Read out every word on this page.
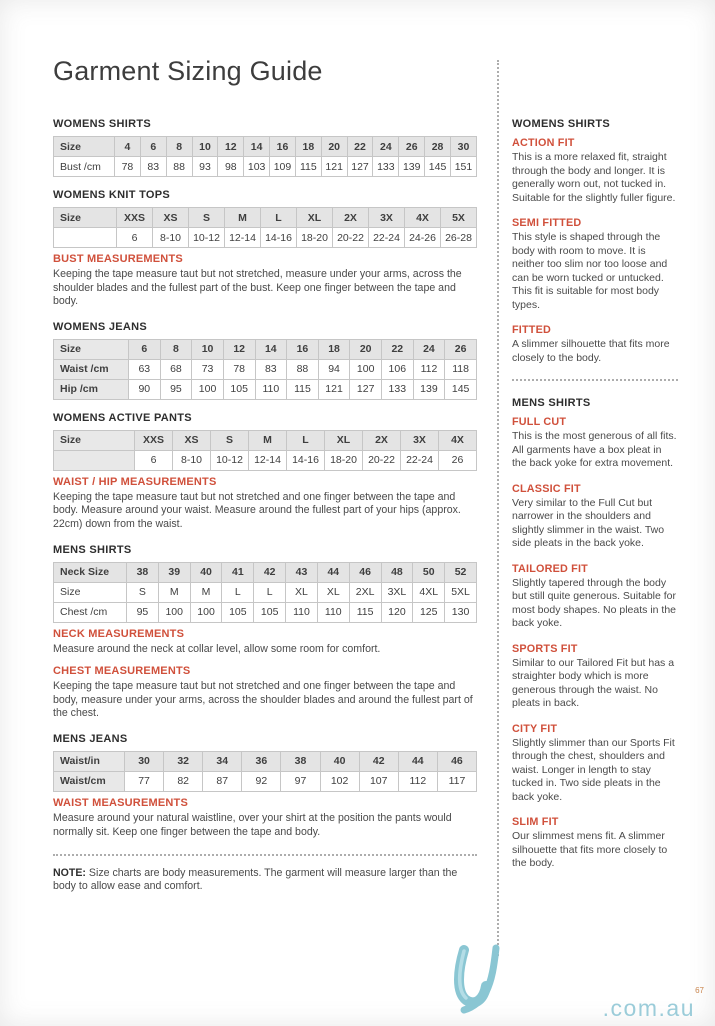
Garment Sizing Guide
WOMENS SHIRTS
Size	4	6	8	10	12	14	16	18	20	22	24	26	28	30
Bust /cm	78	83	88	93	98	103	109	115	121	127	133	139	145	151
WOMENS KNIT TOPS
Size	XXS	XS	S	M	L	XL	2X	3X	4X	5X
	6	8-10	10-12	12-14	14-16	18-20	20-22	22-24	24-26	26-28
BUST MEASUREMENTS

Keeping the tape measure taut but not stretched, measure under your arms, across the shoulder blades and the fullest part of the bust. Keep one finger between the tape and body.

WOMENS JEANS
Size	6	8	10	12	14	16	18	20	22	24	26
Waist /cm	63	68	73	78	83	88	94	100	106	112	118
Hip /cm	90	95	100	105	110	115	121	127	133	139	145
WOMENS ACTIVE PANTS
Size	XXS	XS	S	M	L	XL	2X	3X	4X
	6	8-10	10-12	12-14	14-16	18-20	20-22	22-24	26
WAIST / HIP MEASUREMENTS

Keeping the tape measure taut but not stretched and one finger between the tape and body. Measure around your waist. Measure around the fullest part of your hips (approx. 22cm) down from the waist.

MENS SHIRTS
Neck Size	38	39	40	41	42	43	44	46	48	50	52
Size	S	M	M	L	L	XL	XL	2XL	3XL	4XL	5XL
Chest /cm	95	100	100	105	105	110	110	115	120	125	130
NECK MEASUREMENTS

Measure around the neck at collar level, allow some room for comfort.

CHEST MEASUREMENTS

Keeping the tape measure taut but not stretched and one finger between the tape and body, measure under your arms, across the shoulder blades and around the fullest part of the chest.

MENS JEANS
Waist/in	30	32	34	36	38	40	42	44	46
Waist/cm	77	82	87	92	97	102	107	112	117
WAIST MEASUREMENTS

Measure around your natural waistline, over your shirt at the position the pants would normally sit. Keep one finger between the tape and body.

NOTE: Size charts are body measurements. The garment will measure larger than the body to allow ease and comfort.

WOMENS SHIRTS
ACTION FIT

This is a more relaxed fit, straight through the body and longer. It is generally worn out, not tucked in. Suitable for the slightly fuller figure.

SEMI FITTED

This style is shaped through the body with room to move. It is neither too slim nor too loose and can be worn tucked or untucked. This fit is suitable for most body types.

FITTED

A slimmer silhouette that fits more closely to the body.

MENS SHIRTS
FULL CUT

This is the most generous of all fits. All garments have a box pleat in the back yoke for extra movement.

CLASSIC FIT

Very similar to the Full Cut but narrower in the shoulders and slightly slimmer in the waist. Two side pleats in the back yoke.

TAILORED FIT

Slightly tapered through the body but still quite generous. Suitable for most body shapes. No pleats in the back yoke.

SPORTS FIT

Similar to our Tailored Fit but has a straighter body which is more generous through the waist. No pleats in back.

CITY FIT

Slightly slimmer than our Sports Fit through the chest, shoulders and waist. Longer in length to stay tucked in. Two side pleats in the back yoke.

SLIM FIT

Our slimmest mens fit. A slimmer silhouette that fits more closely to the body.

.com.au
67
